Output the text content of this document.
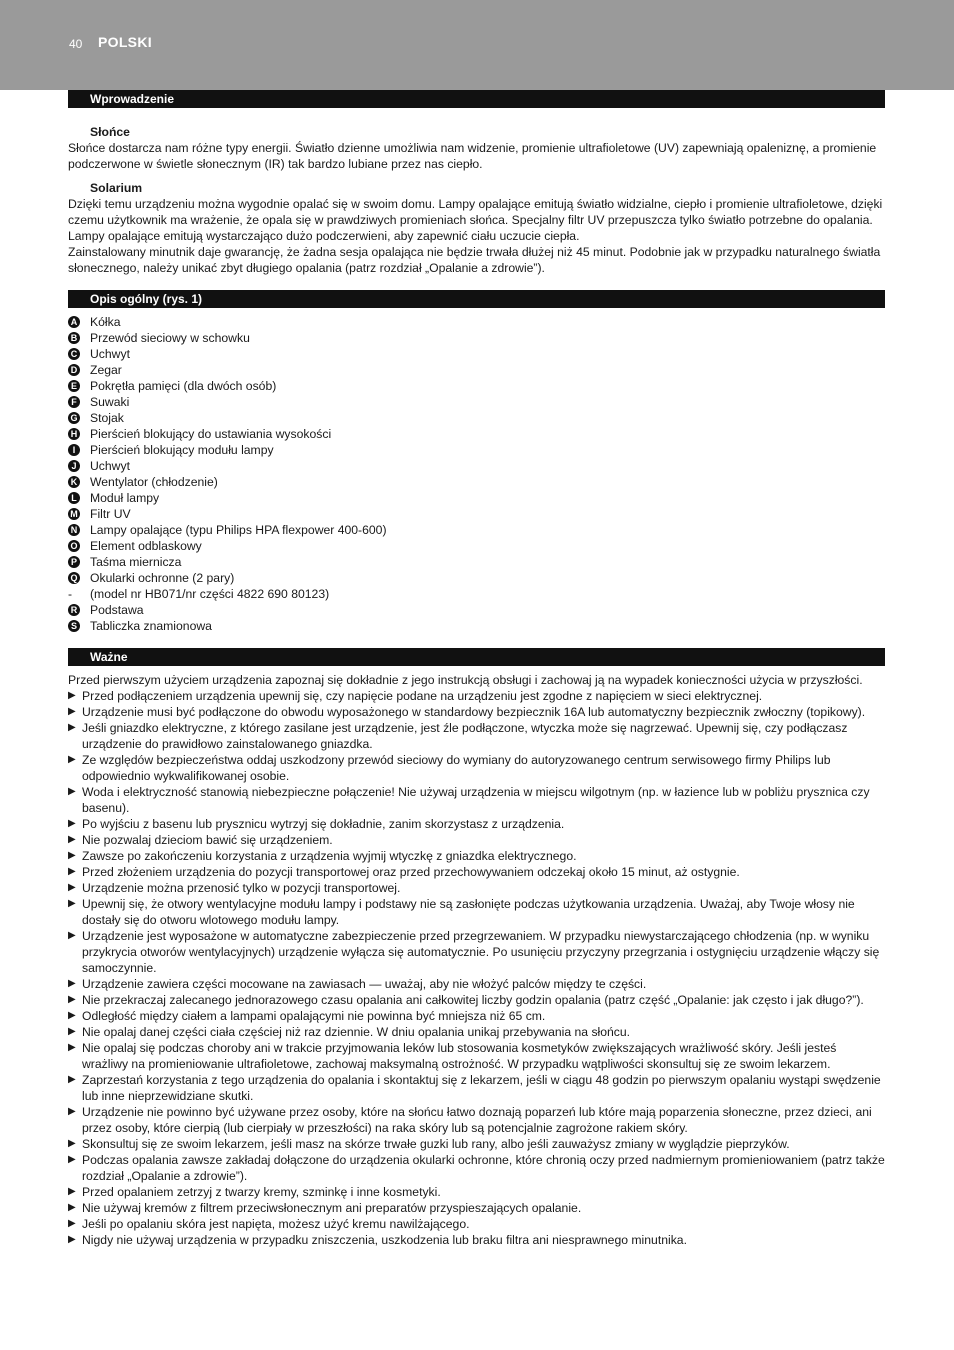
40 POLSKI
Wprowadzenie
Słońce

Słońce dostarcza nam różne typy energii. Światło dzienne umożliwia nam widzenie, promienie ultrafioletowe (UV) zapewniają opaleniznę, a promienie podczerwone w świetle słonecznym (IR) tak bardzo lubiane przez nas ciepło.

Solarium

Dzięki temu urządzeniu można wygodnie opalać się w swoim domu. Lampy opalające emitują światło widzialne, ciepło i promienie ultrafioletowe, dzięki czemu użytkownik ma wrażenie, że opala się w prawdziwych promieniach słońca. Specjalny filtr UV przepuszcza tylko światło potrzebne do opalania.

Lampy opalające emitują wystarczająco dużo podczerwieni, aby zapewnić ciału uczucie ciepła.

Zainstalowany minutnik daje gwarancję, że żadna sesja opalająca nie będzie trwała dłużej niż 45 minut. Podobnie jak w przypadku naturalnego światła słonecznego, należy unikać zbyt długiego opalania (patrz rozdział „Opalanie a zdrowie”).

Opis ogólny (rys. 1)
A Kółka
B Przewód sieciowy w schowku
C Uchwyt
D Zegar
E Pokrętła pamięci (dla dwóch osób)
F Suwaki
G Stojak
H Pierścień blokujący do ustawiania wysokości
I	Pierścień blokujący modułu lampy
J Uchwyt
K Wentylator (chłodzenie)
L Moduł lampy
M Filtr UV
N Lampy opalające (typu Philips HPA flexpower 400-600)
O Element odblaskowy
P Taśma miernicza
Q Okularki ochronne (2 pary)
-	(model nr HB071/nr części 4822 690 80123)
R Podstawa
S Tabliczka znamionowa
Ważne

Przed pierwszym użyciem urządzenia zapoznaj się dokładnie z jego instrukcją obsługi i zachowaj ją na wypadek konieczności użycia w przyszłości.

▶ Przed podłączeniem urządzenia upewnij się, czy napięcie podane na urządzeniu jest zgodne z napięciem w sieci elektrycznej.
▶ Urządzenie musi być podłączone do obwodu wyposażonego w standardowy bezpiecznik 16A lub automatyczny bezpiecznik zwłoczny (topikowy).
▶ Jeśli gniazdko elektryczne, z którego zasilane jest urządzenie, jest źle podłączone, wtyczka może się nagrzewać. Upewnij się, czy podłączasz urządzenie do prawidłowo zainstalowanego gniazdka.
▶ Ze względów bezpieczeństwa oddaj uszkodzony przewód sieciowy do wymiany do autoryzowanego centrum serwisowego firmy Philips lub odpowiednio wykwalifikowanej osobie.
▶ Woda i elektryczność stanowią niebezpieczne połączenie! Nie używaj urządzenia w miejscu wilgotnym (np. w łazience lub w pobliżu prysznica czy basenu).
▶ Po wyjściu z basenu lub prysznicu wytrzyj się dokładnie, zanim skorzystasz z urządzenia.
▶ Nie pozwalaj dzieciom bawić się urządzeniem.
▶ Zawsze po zakończeniu korzystania z urządzenia wyjmij wtyczkę z gniazdka elektrycznego.
▶ Przed złożeniem urządzenia do pozycji transportowej oraz przed przechowywaniem odczekaj około 15 minut, aż ostygnie.
▶ Urządzenie można przenosić tylko w pozycji transportowej.
▶ Upewnij się, że otwory wentylacyjne modułu lampy i podstawy nie są zasłonięte podczas użytkowania urządzenia. Uważaj, aby Twoje włosy nie dostały się do otworu wlotowego modułu lampy.
▶ Urządzenie jest wyposażone w automatyczne zabezpieczenie przed przegrzewaniem. W przypadku niewystarczającego chłodzenia (np. w wyniku przykrycia otworów wentylacyjnych) urządzenie wyłącza się automatycznie. Po usunięciu przyczyny przegrzania i ostygnięciu urządzenie włączy się samoczynnie.
▶ Urządzenie zawiera części mocowane na zawiasach — uważaj, aby nie włożyć palców między te części.
▶ Nie przekraczaj zalecanego jednorazowego czasu opalania ani całkowitej liczby godzin opalania (patrz część „Opalanie: jak często i jak długo?”).
▶ Odległość między ciałem a lampami opalającymi nie powinna być mniejsza niż 65 cm.
▶ Nie opalaj danej części ciała częściej niż raz dziennie. W dniu opalania unikaj przebywania na słońcu.
▶ Nie opalaj się podczas choroby ani w trakcie przyjmowania leków lub stosowania kosmetyków zwiększających wrażliwość skóry. Jeśli jesteś wrażliwy na promieniowanie ultrafioletowe, zachowaj maksymalną ostrożność. W przypadku wątpliwości skonsultuj się ze swoim lekarzem.
▶ Zaprzestań korzystania z tego urządzenia do opalania i skontaktuj się z lekarzem, jeśli w ciągu 48 godzin po pierwszym opalaniu wystąpi swędzenie lub inne nieprzewidziane skutki.
▶ Urządzenie nie powinno być używane przez osoby, które na słońcu łatwo doznają poparzeń lub które mają poparzenia słoneczne, przez dzieci, ani przez osoby, które cierpią (lub cierpiały w przeszłości) na raka skóry lub są potencjalnie zagrożone rakiem skóry.
▶ Skonsultuj się ze swoim lekarzem, jeśli masz na skórze trwałe guzki lub rany, albo jeśli zauważysz zmiany w wyglądzie pieprzyków.
▶ Podczas opalania zawsze zakładaj dołączone do urządzenia okularki ochronne, które chronią oczy przed nadmiernym promieniowaniem (patrz także rozdział „Opalanie a zdrowie”).
▶ Przed opalaniem zetrzyj z twarzy kremy, szminkę i inne kosmetyki.
▶ Nie używaj kremów z filtrem przeciwsłonecznym ani preparatów przyspieszających opalanie.
▶ Jeśli po opalaniu skóra jest napięta, możesz użyć kremu nawilżającego.
▶ Nigdy nie używaj urządzenia w przypadku zniszczenia, uszkodzenia lub braku filtra ani niesprawnego minutnika.
